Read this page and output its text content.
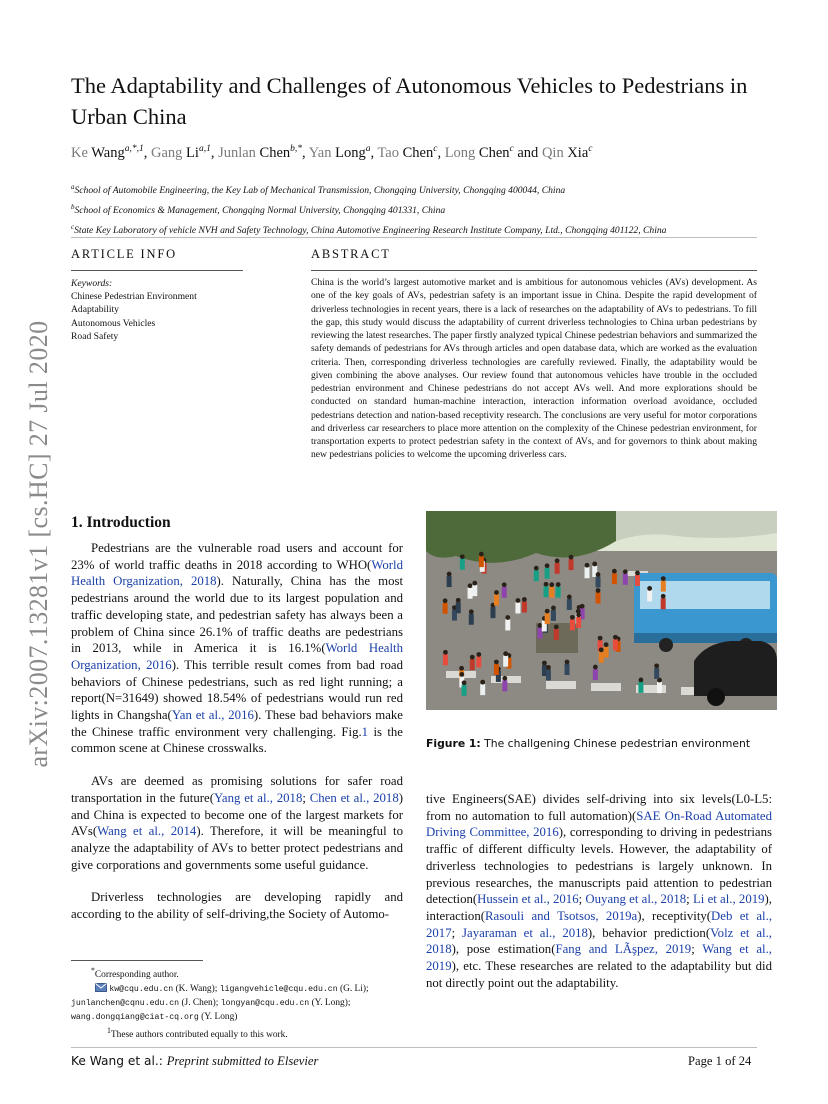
arXiv:2007.13281v1 [cs.HC] 27 Jul 2020
The Adaptability and Challenges of Autonomous Vehicles to Pedestrians in Urban China
Ke Wang$^{a,*,1}$, Gang Li$^{a,1}$, Junlan Chen$^{b,*}$, Yan Long$^a$, Tao Chen$^c$, Long Chen$^c$ and Qin Xia$^c$
$^a$School of Automobile Engineering, the Key Lab of Mechanical Transmission, Chongqing University, Chongqing 400044, China
$^b$School of Economics & Management, Chongqing Normal University, Chongqing 401331, China
$^c$State Key Laboratory of vehicle NVH and Safety Technology, China Automotive Engineering Research Institute Company, Ltd., Chongqing 401122, China
ARTICLE INFO
Keywords:
Chinese Pedestrian Environment
Adaptability
Autonomous Vehicles
Road Safety
ABSTRACT
China is the world’s largest automotive market and is ambitious for autonomous vehicles (AVs) development. As one of the key goals of AVs, pedestrian safety is an important issue in China. Despite the rapid development of driverless technologies in recent years, there is a lack of researches on the adaptability of AVs to pedestrians. To fill the gap, this study would discuss the adaptability of current driverless technologies to China urban pedestrians by reviewing the latest researches. The paper firstly analyzed typical Chinese pedestrian behaviors and summarized the safety demands of pedestrians for AVs through articles and open database data, which are worked as the evaluation criteria. Then, corresponding driverless technologies are carefully reviewed. Finally, the adaptability would be given combining the above analyses. Our review found that autonomous vehicles have trouble in the occluded pedestrian environment and Chinese pedestrians do not accept AVs well. And more explorations should be conducted on standard human-machine interaction, interaction information overload avoidance, occluded pedestrians detection and nation-based receptivity research. The conclusions are very useful for motor corporations and driverless car researchers to place more attention on the complexity of the Chinese pedestrian environment, for transportation experts to protect pedestrian safety in the context of AVs, and for governors to think about making new pedestrians policies to welcome the upcoming driverless cars.
1. Introduction

Pedestrians are the vulnerable road users and account for 23% of world traffic deaths in 2018 according to WHO(World Health Organization, 2018). Naturally, China has the most pedestrians around the world due to its largest population and traffic developing state, and pedestrian safety has always been a problem of China since 26.1% of traffic deaths are pedestrians in 2013, while in America it is 16.1%(World Health Organization, 2016). This terrible result comes from bad road behaviors of Chinese pedestrians, such as red light running; a report(N=31649) showed 18.54% of pedestrians would run red lights in Changsha(Yan et al., 2016). These bad behaviors make the Chinese traffic environment very challenging. Fig.1 is the common scene at Chinese crosswalks.

AVs are deemed as promising solutions for safer road transportation in the future(Yang et al., 2018; Chen et al., 2018) and China is expected to become one of the largest markets for AVs(Wang et al., 2014). Therefore, it will be meaningful to analyze the adaptability of AVs to better protect pedestrians and give corporations and governments some useful guidance.

Driverless technologies are developing rapidly and according to the ability of self-driving,the Society of Automo-

Figure 1: The challgening Chinese pedestrian environment

tive Engineers(SAE) divides self-driving into six levels(L0-L5: from no automation to full automation)(SAE On-Road Automated Driving Committee, 2016), corresponding to driving in pedestrians traffic of different difficulty levels. However, the adaptability of driverless technologies to pedestrians is largely unknown. In previous researches, the manuscripts paid attention to pedestrian detection(Hussein et al., 2016; Ouyang et al., 2018; Li et al., 2019), interaction(Rasouli and Tsotsos, 2019a), receptivity(Deb et al., 2017; Jayaraman et al., 2018), behavior prediction(Volz et al., 2018), pose estimation(Fang and LÃşpez, 2019; Wang et al., 2019), etc. These researches are related to the adaptability but did not directly point out the adaptability.

*Corresponding author.
kw@cqu.edu.cn (K. Wang); ligangvehicle@cqu.edu.cn (G. Li);
junlanchen@cqnu.edu.cn (J. Chen); longyan@cqu.edu.cn (Y. Long);
wang.dongqiang@ciat-cq.org (Y. Long)
$^1$These authors contributed equally to this work.
Ke Wang et al.: Preprint submitted to Elsevier	Page 1 of 24
